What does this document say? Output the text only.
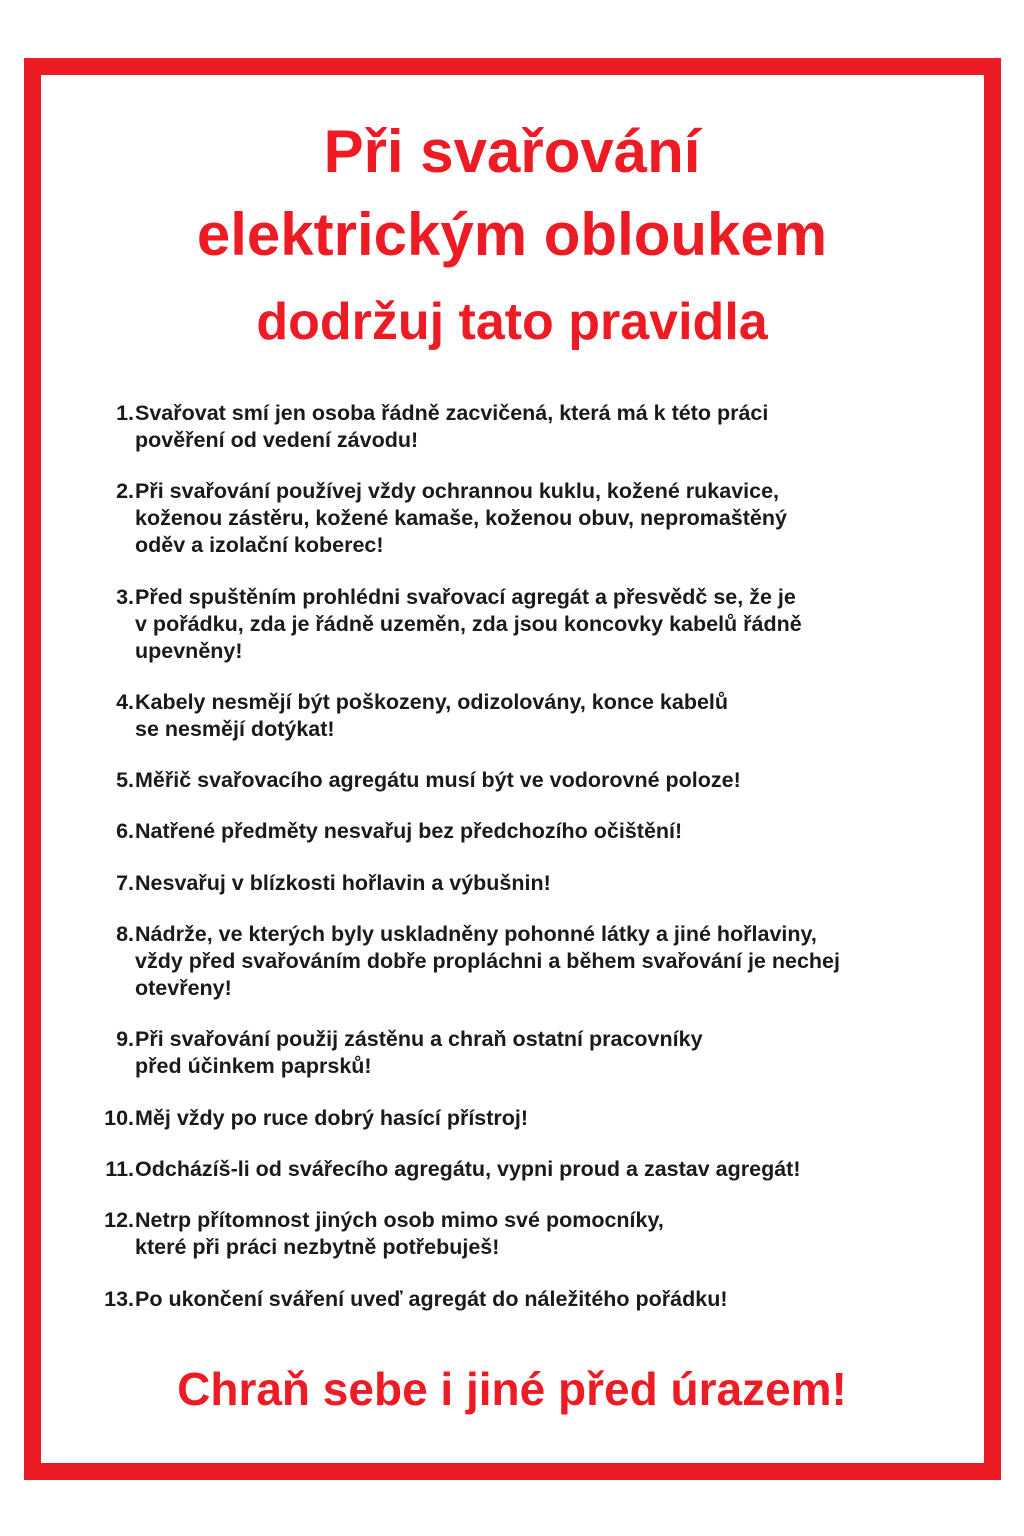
Při svařování
elektrickým obloukem
dodržuj tato pravidla
1. Svařovat smí jen osoba řádně zacvičená, která má k této práci
pověření od vedení závodu!
2. Při svařování používej vždy ochrannou kuklu, kožené rukavice,
koženou zástěru, kožené kamaše, koženou obuv, nepromaštěný
oděv a izolační koberec!
3. Před spuštěním prohlédni svařovací agregát a přesvědč se, že je
v pořádku, zda je řádně uzeměn, zda jsou koncovky kabelů řádně
upevněny!
4. Kabely nesmějí být poškozeny, odizolovány, konce kabelů
se nesmějí dotýkat!
5. Měřič svařovacího agregátu musí být ve vodorovné poloze!
6. Natřené předměty nesvařuj bez předchozího očištění!
7. Nesvařuj v blízkosti hořlavin a výbušnin!
8. Nádrže, ve kterých byly uskladněny pohonné látky a jiné hořlaviny,
vždy před svařováním dobře propláchni a během svařování je nechej
otevřeny!
9. Při svařování použij zástěnu a chraň ostatní pracovníky
před účinkem paprsků!
10. Měj vždy po ruce dobrý hasící přístroj!
11. Odcházíš-li od svářecího agregátu, vypni proud a zastav agregát!
12. Netrp přítomnost jiných osob mimo své pomocníky,
které při práci nezbytně potřebuješ!
13. Po ukončení sváření uveď agregát do náležitého pořádku!

Chraň sebe i jiné před úrazem!
